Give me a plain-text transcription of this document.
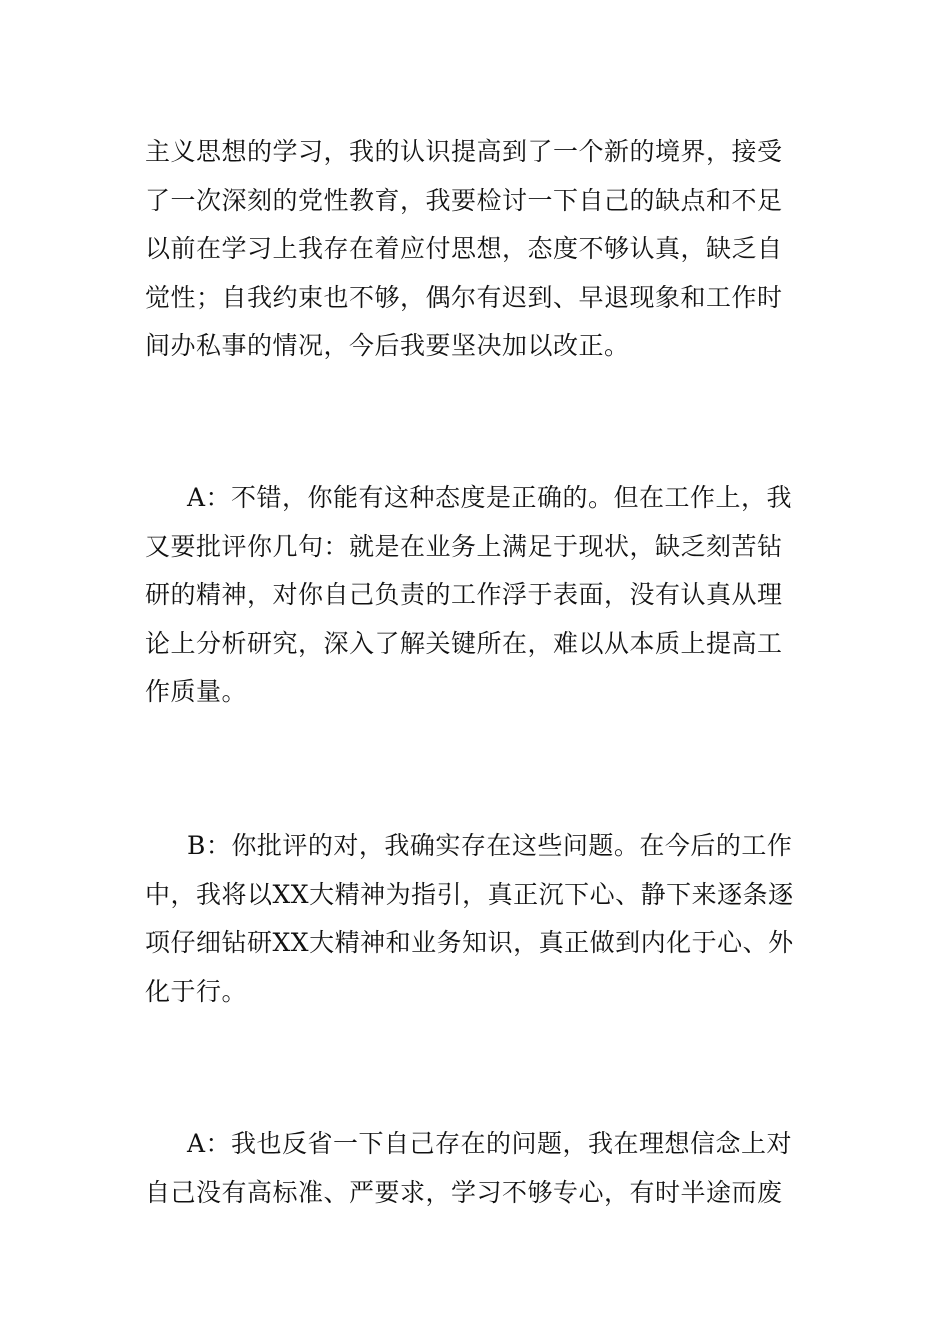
主义思想的学习，我的认识提高到了一个新的境界，接受
了一次深刻的党性教育，我要检讨一下自己的缺点和不足
以前在学习上我存在着应付思想，态度不够认真，缺乏自
觉性；自我约束也不够，偶尔有迟到、早退现象和工作时
间办私事的情况，今后我要坚决加以改正。

A：不错，你能有这种态度是正确的。但在工作上，我
又要批评你几句：就是在业务上满足于现状，缺乏刻苦钻
研的精神，对你自己负责的工作浮于表面，没有认真从理
论上分析研究，深入了解关键所在，难以从本质上提高工
作质量。

B：你批评的对，我确实存在这些问题。在今后的工作
中，我将以XX大精神为指引，真正沉下心、静下来逐条逐
项仔细钻研XX大精神和业务知识，真正做到内化于心、外
化于行。

A：我也反省一下自己存在的问题，我在理想信念上对
自己没有高标准、严要求，学习不够专心，有时半途而废
